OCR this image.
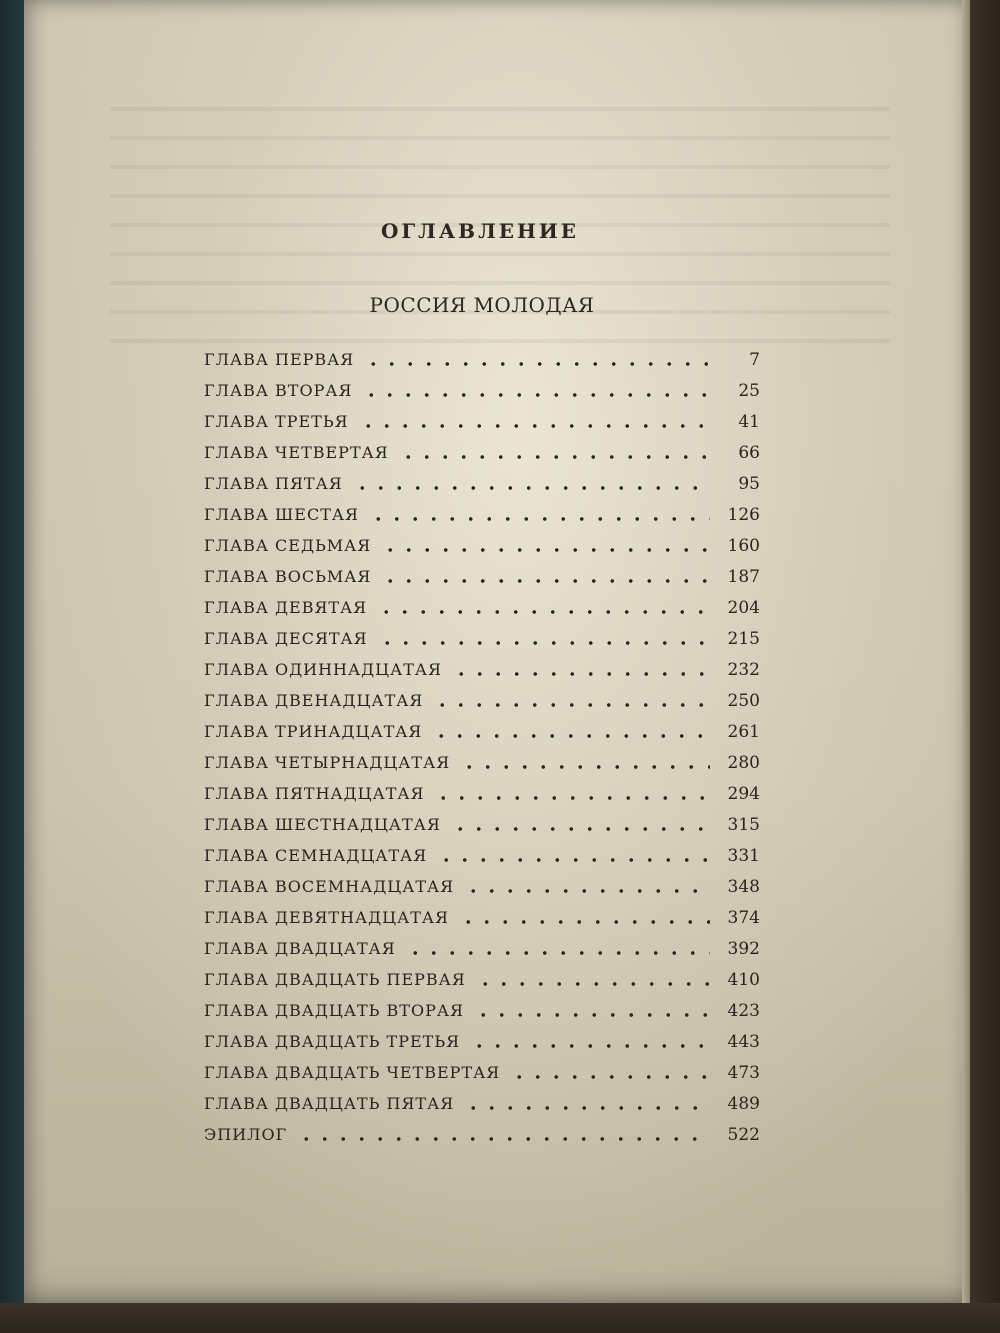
ОГЛАВЛЕНИЕ
РОССИЯ МОЛОДАЯ
ГЛАВА ПЕРВАЯ	7
ГЛАВА ВТОРАЯ	25
ГЛАВА ТРЕТЬЯ	41
ГЛАВА ЧЕТВЕРТАЯ	66
ГЛАВА ПЯТАЯ	95
ГЛАВА ШЕСТАЯ	126
ГЛАВА СЕДЬМАЯ	160
ГЛАВА ВОСЬМАЯ	187
ГЛАВА ДЕВЯТАЯ	204
ГЛАВА ДЕСЯТАЯ	215
ГЛАВА ОДИННАДЦАТАЯ	232
ГЛАВА ДВЕНАДЦАТАЯ	250
ГЛАВА ТРИНАДЦАТАЯ	261
ГЛАВА ЧЕТЫРНАДЦАТАЯ	280
ГЛАВА ПЯТНАДЦАТАЯ	294
ГЛАВА ШЕСТНАДЦАТАЯ	315
ГЛАВА СЕМНАДЦАТАЯ	331
ГЛАВА ВОСЕМНАДЦАТАЯ	348
ГЛАВА ДЕВЯТНАДЦАТАЯ	374
ГЛАВА ДВАДЦАТАЯ	392
ГЛАВА ДВАДЦАТЬ ПЕРВАЯ	410
ГЛАВА ДВАДЦАТЬ ВТОРАЯ	423
ГЛАВА ДВАДЦАТЬ ТРЕТЬЯ	443
ГЛАВА ДВАДЦАТЬ ЧЕТВЕРТАЯ	473
ГЛАВА ДВАДЦАТЬ ПЯТАЯ	489
ЭПИЛОГ	522
